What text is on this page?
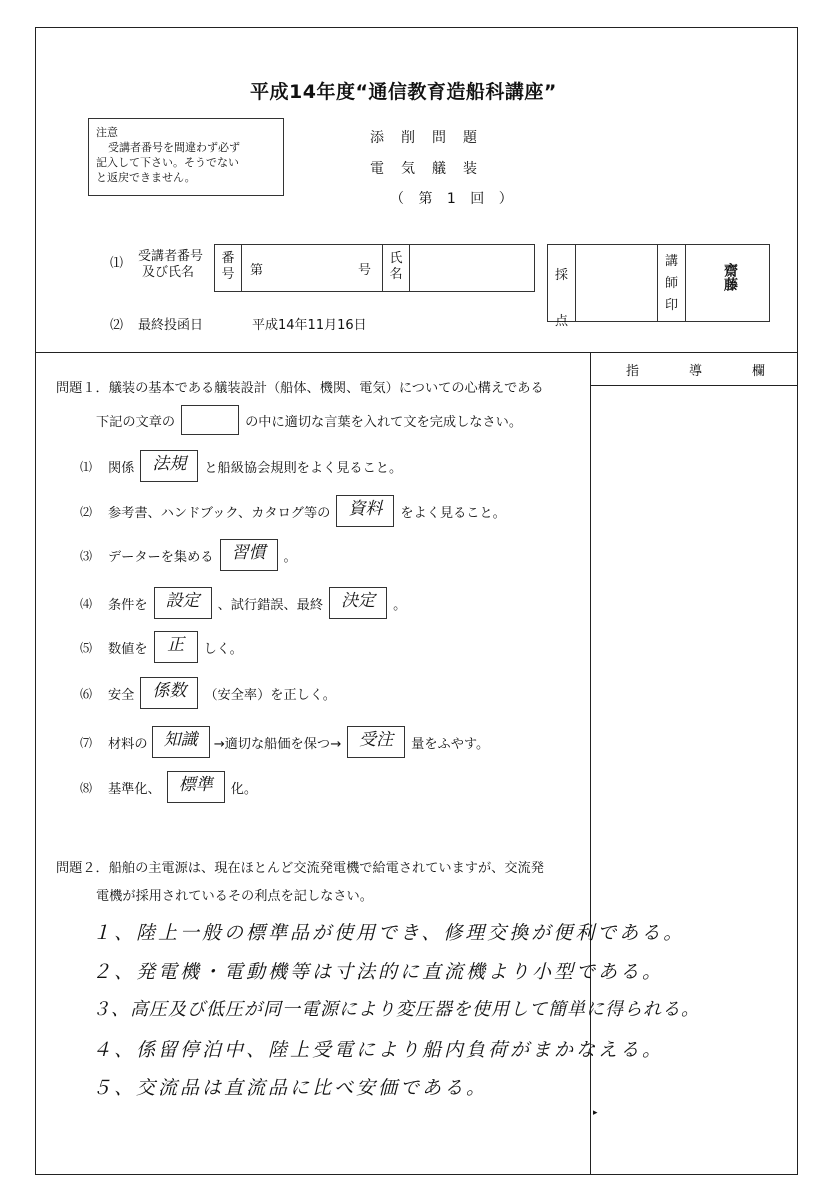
平成14年度“通信教育造船科講座”
注意
受講者番号を間違わず必ず
記入して下さい。そうでない
と返戻できません。
添削問題
電気艤装
（ 第 1 回 ）
⑴ 受講者番号
及び氏名
番号 第	号
氏名
⑵ 最終投函日	平成14年11月16日
採点
講師印
齋藤
指	導	欄
▸
問題１．艤装の基本である艤装設計（船体、機関、電気）についての心構えである
下記の文章の	の中に適切な言葉を入れて文を完成しなさい。
⑴	関係	法規	と船級協会規則をよく見ること。
⑵	参考書、ハンドブック、カタログ等の	資料	をよく見ること。
⑶	データーを集める	習慣	。
⑷	条件を	設定	、試行錯誤、最終	決定	。
⑸	数値を	正	しく。
⑹	安全	係数	（安全率）を正しく。
⑺	材料の 知識	→適切な船価を保つ→	受注	量をふやす。
⑻	基準化、	標準	化。
問題２．船舶の主電源は、現在ほとんど交流発電機で給電されていますが、交流発
電機が採用されているその利点を記しなさい。
１、陸上一般の標準品が使用でき、修理交換が便利である。
２、発電機・電動機等は寸法的に直流機より小型である。
３、高圧及び低圧が同一電源により変圧器を使用して簡単に得られる。
４、係留停泊中、陸上受電により船内負荷がまかなえる。
５、交流品は直流品に比べ安価である。
